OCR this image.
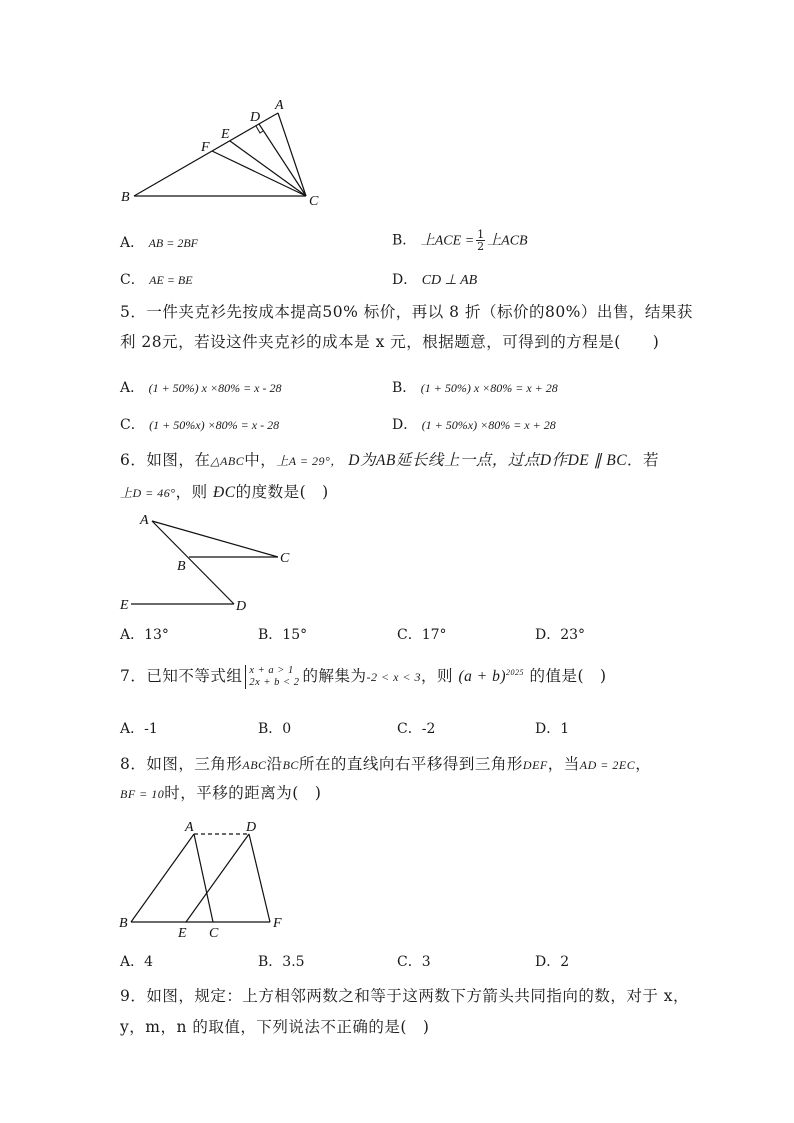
A
D
E
F
B	C
A． AB = 2BF	B． 上ACE = $\frac{1}{2}$ 上ACB
C． AE = BE	D． CD ⊥ AB
5．一件夹克衫先按成本提高50% 标价，再以 8 折（标价的80%）出售，结果获
利 28元，若设这件夹克衫的成本是 x 元，根据题意，可得到的方程是(　　)
A． (1 + 50%) x ×80% = x - 28	B． (1 + 50%) x ×80% = x + 28
C． (1 + 50%x) ×80% = x - 28	D． (1 + 50%x) ×80% = x + 28
6．如图，在△ABC中，上A = 29°， D为AB延长线上一点，过点D作DE ∥ BC．若
上D = 46°，则 ÐC的度数是(　)
A
B
C
E	D
A．13°	B．15°	C．17°	D．23°
7．已知不等式组 x + a > 1
2x + b < 2 的解集为-2 < x < 3，则 $(a + b)^{2025}$ 的值是(　)
A．-1	B．0	C．-2	D．1
8．如图，三角形ABC沿BC所在的直线向右平移得到三角形DEF，当AD = 2EC，
BF = 10时，平移的距离为(　)
A	D
B	F
E C
A．4	B．3.5	C．3	D．2
9．如图，规定：上方相邻两数之和等于这两数下方箭头共同指向的数，对于 x，
y，m，n 的取值，下列说法不正确的是(　)
